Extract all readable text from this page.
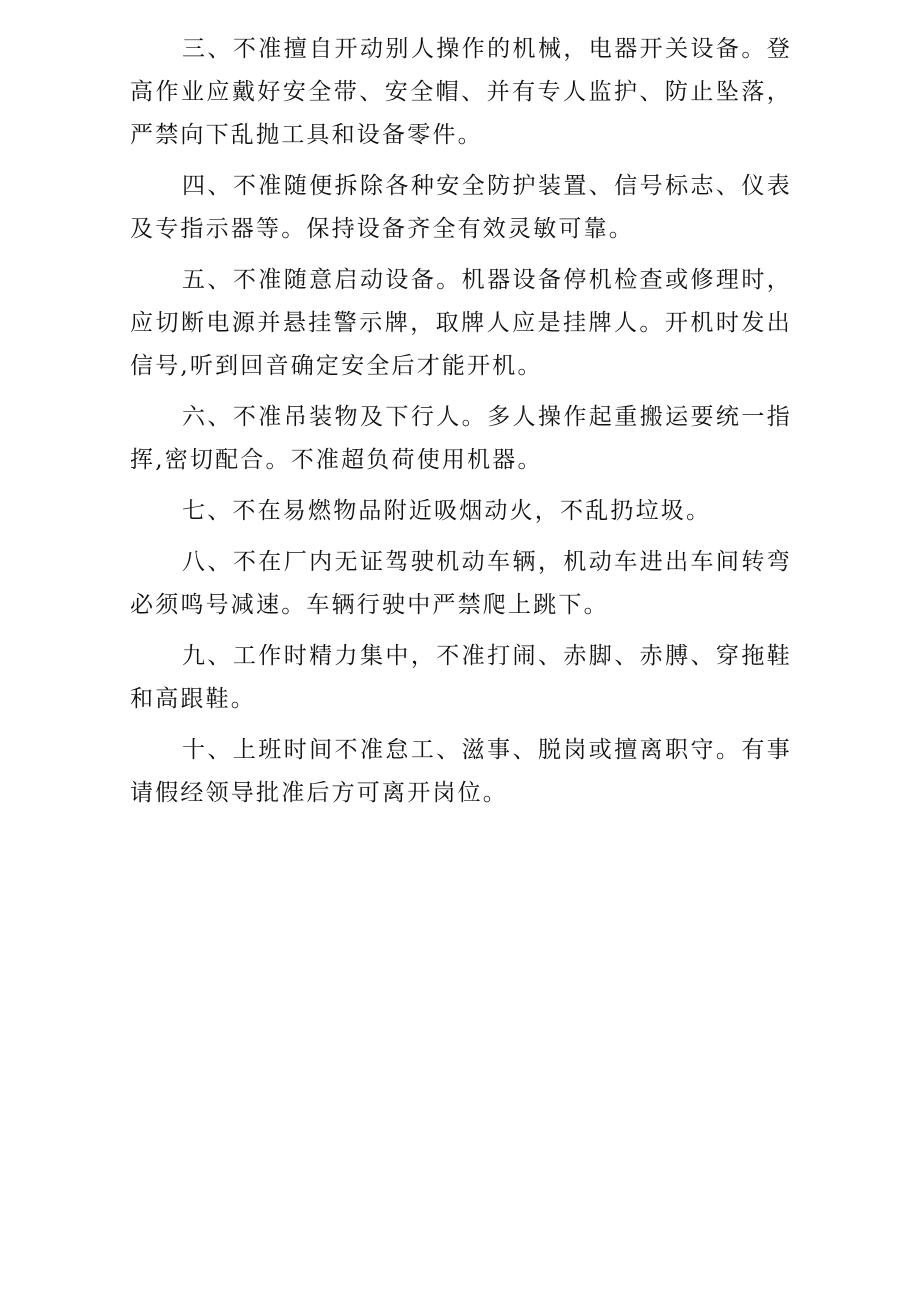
三、不准擅自开动别人操作的机械，电器开关设备。登高作业应戴好安全带、安全帽、并有专人监护、防止坠落，严禁向下乱抛工具和设备零件。

四、不准随便拆除各种安全防护装置、信号标志、仪表及专指示器等。保持设备齐全有效灵敏可靠。

五、不准随意启动设备。机器设备停机检查或修理时，应切断电源并悬挂警示牌，取牌人应是挂牌人。开机时发出信号,听到回音确定安全后才能开机。

六、不准吊装物及下行人。多人操作起重搬运要统一指挥,密切配合。不准超负荷使用机器。

七、不在易燃物品附近吸烟动火，不乱扔垃圾。

八、不在厂内无证驾驶机动车辆，机动车进出车间转弯必须鸣号减速。车辆行驶中严禁爬上跳下。

九、工作时精力集中，不准打闹、赤脚、赤膊、穿拖鞋和高跟鞋。

十、上班时间不准怠工、滋事、脱岗或擅离职守。有事请假经领导批准后方可离开岗位。
